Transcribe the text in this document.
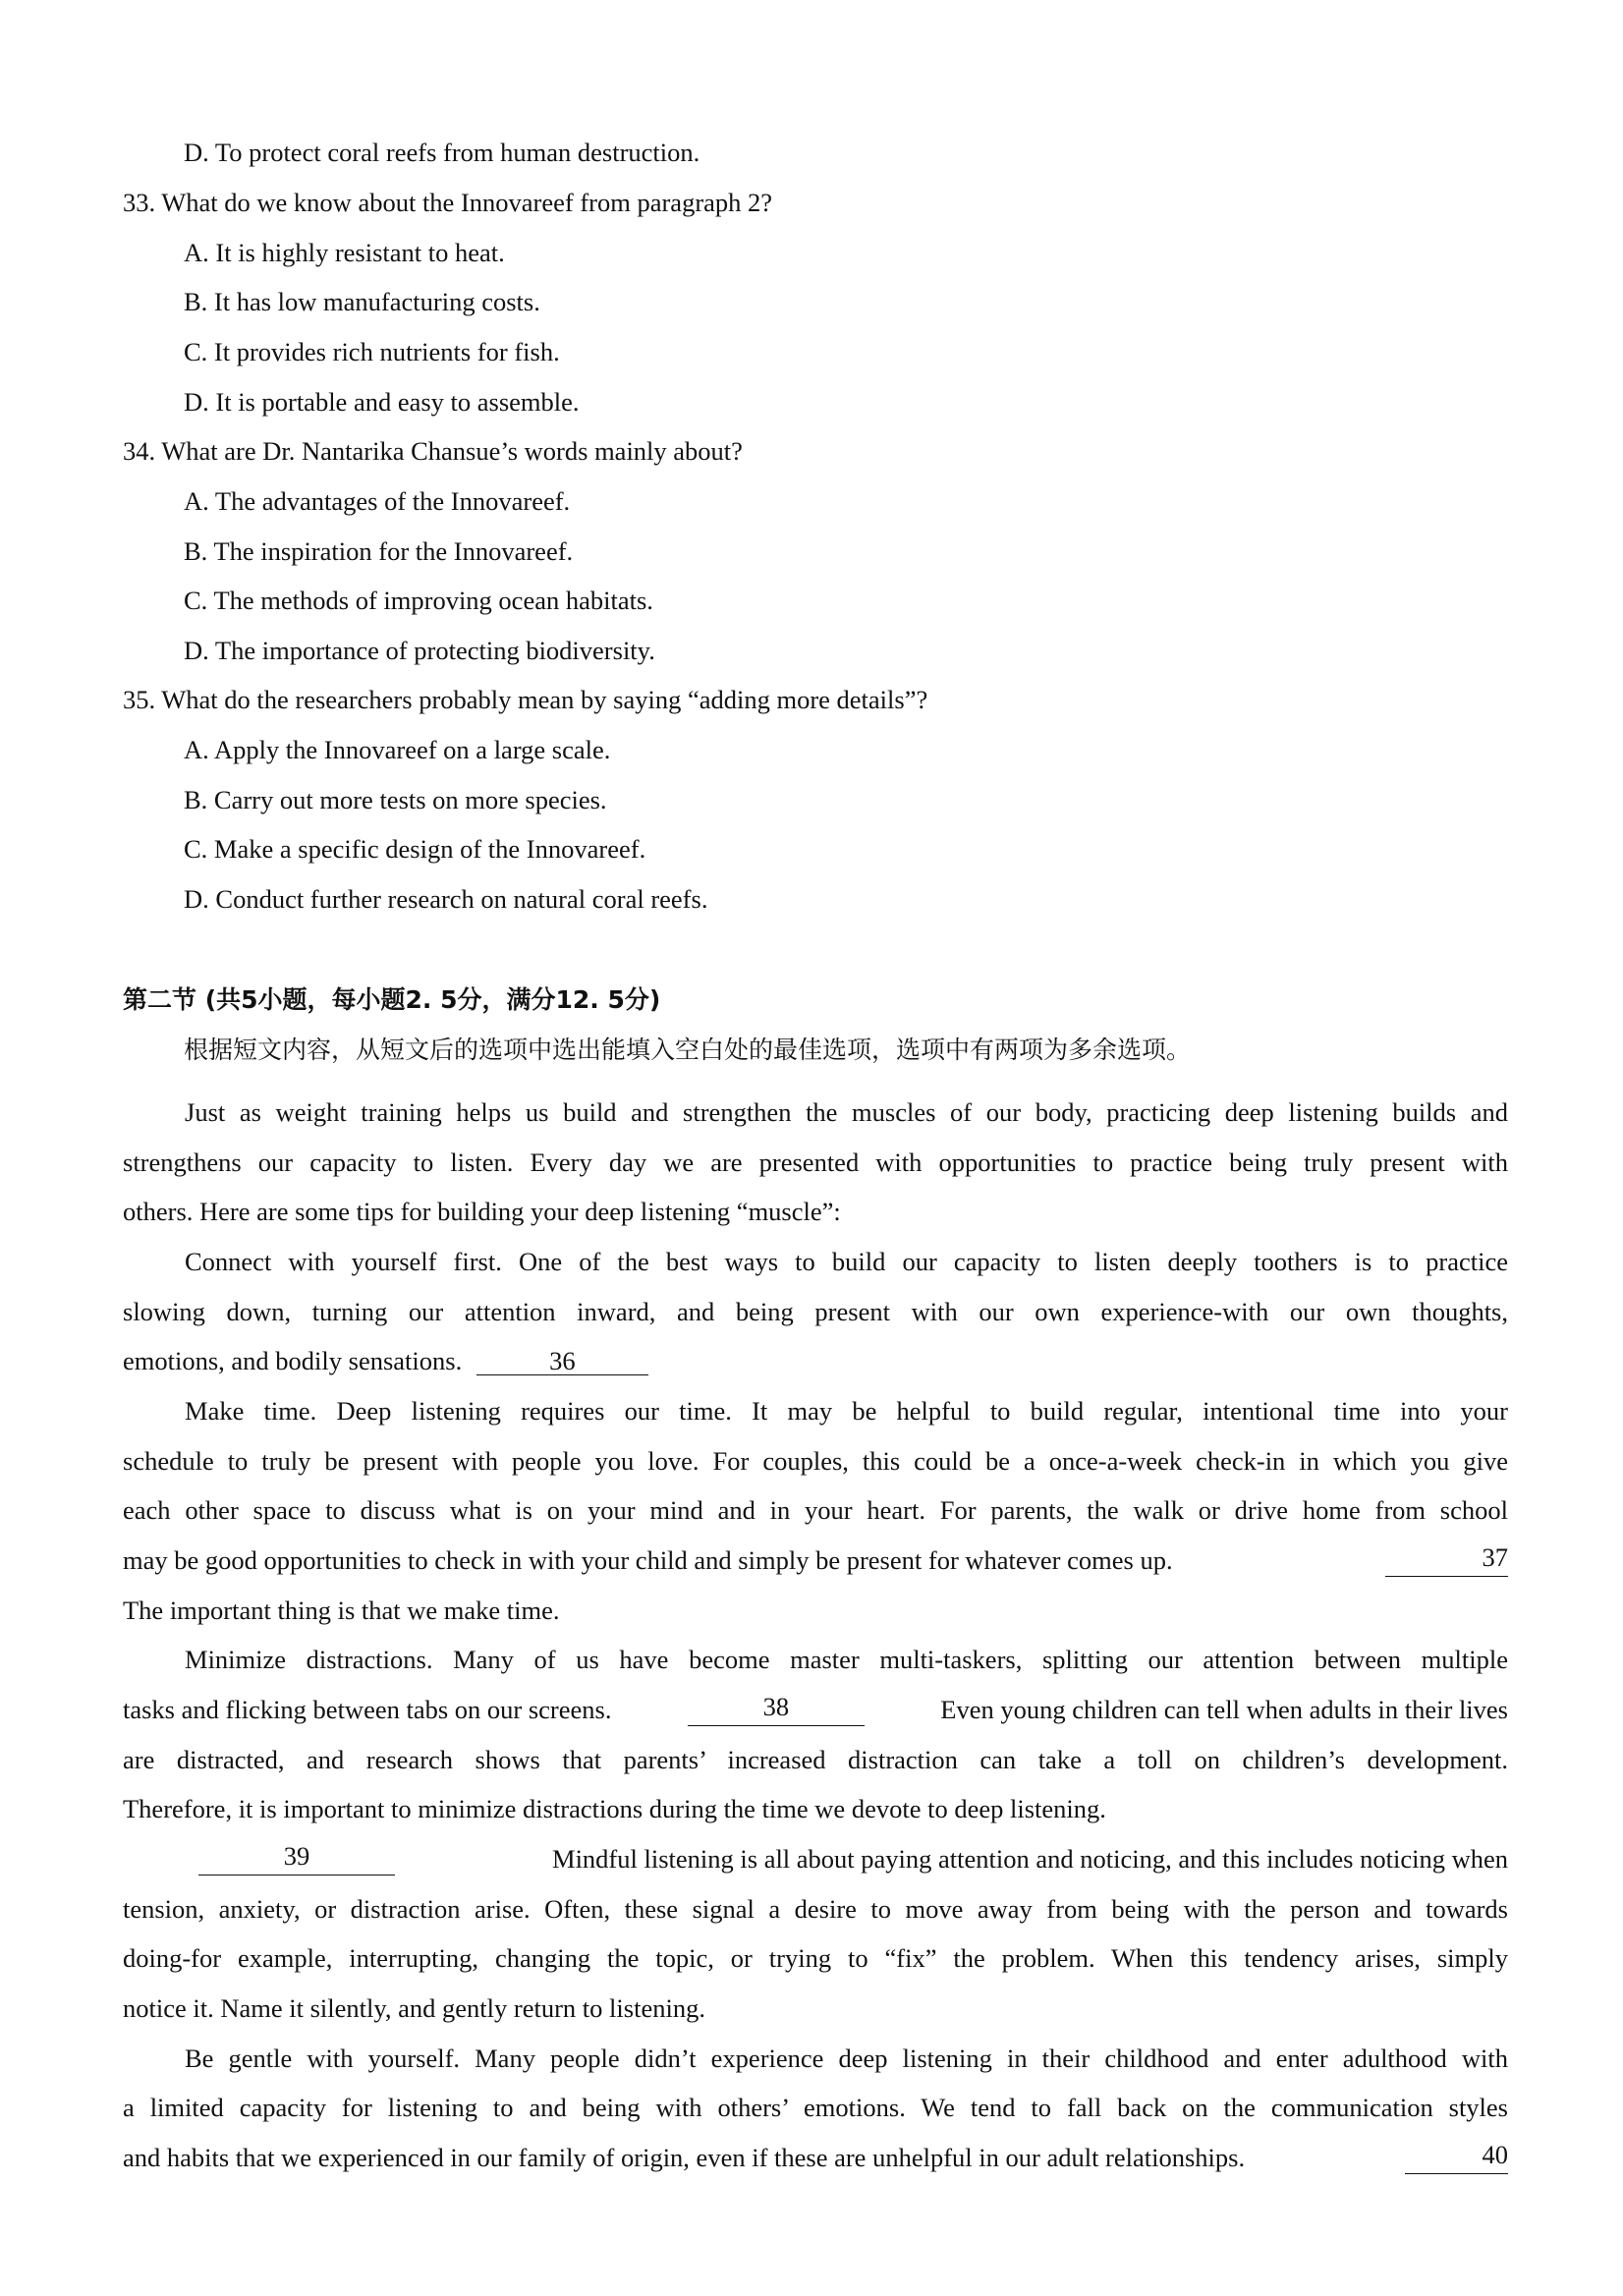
D. To protect coral reefs from human destruction.
33. What do we know about the Innovareef from paragraph 2?
A. It is highly resistant to heat.
B. It has low manufacturing costs.
C. It provides rich nutrients for fish.
D. It is portable and easy to assemble.
34. What are Dr. Nantarika Chansue’s words mainly about?
A. The advantages of the Innovareef.
B. The inspiration for the Innovareef.
C. The methods of improving ocean habitats.
D. The importance of protecting biodiversity.
35. What do the researchers probably mean by saying “adding more details”?
A. Apply the Innovareef on a large scale.
B. Carry out more tests on more species.
C. Make a specific design of the Innovareef.
D. Conduct further research on natural coral reefs.
第二节 (共5小题，每小题2. 5分，满分12. 5分)
根据短文内容，从短文后的选项中选出能填入空白处的最佳选项，选项中有两项为多余选项。
Just as weight training helps us build and strengthen the muscles of our body, practicing deep listening builds and
strengthens our capacity to listen. Every day we are presented with opportunities to practice being truly present with
others. Here are some tips for building your deep listening “muscle”:
Connect with yourself first. One of the best ways to build our capacity to listen deeply toothers is to practice
slowing down, turning our attention inward, and being present with our own experience-with our own thoughts,
emotions, and bodily sensations.	36
Make time. Deep listening requires our time. It may be helpful to build regular, intentional time into your
schedule to truly be present with people you love. For couples, this could be a once-a-week check-in in which you give
each other space to discuss what is on your mind and in your heart. For parents, the walk or drive home from school
may be good opportunities to check in with your child and simply be present for whatever comes up.	37
The important thing is that we make time.
Minimize distractions. Many of us have become master multi-taskers, splitting our attention between multiple
tasks and flicking between tabs on our screens.	38	Even young children can tell when adults in their lives
are distracted, and research shows that parents’ increased distraction can take a toll on children’s development.
Therefore, it is important to minimize distractions during the time we devote to deep listening.
39	Mindful listening is all about paying attention and noticing, and this includes noticing when
tension, anxiety, or distraction arise. Often, these signal a desire to move away from being with the person and towards
doing-for example, interrupting, changing the topic, or trying to “fix” the problem. When this tendency arises, simply
notice it. Name it silently, and gently return to listening.
Be gentle with yourself. Many people didn’t experience deep listening in their childhood and enter adulthood with
a limited capacity for listening to and being with others’ emotions. We tend to fall back on the communication styles
and habits that we experienced in our family of origin, even if these are unhelpful in our adult relationships.	40
